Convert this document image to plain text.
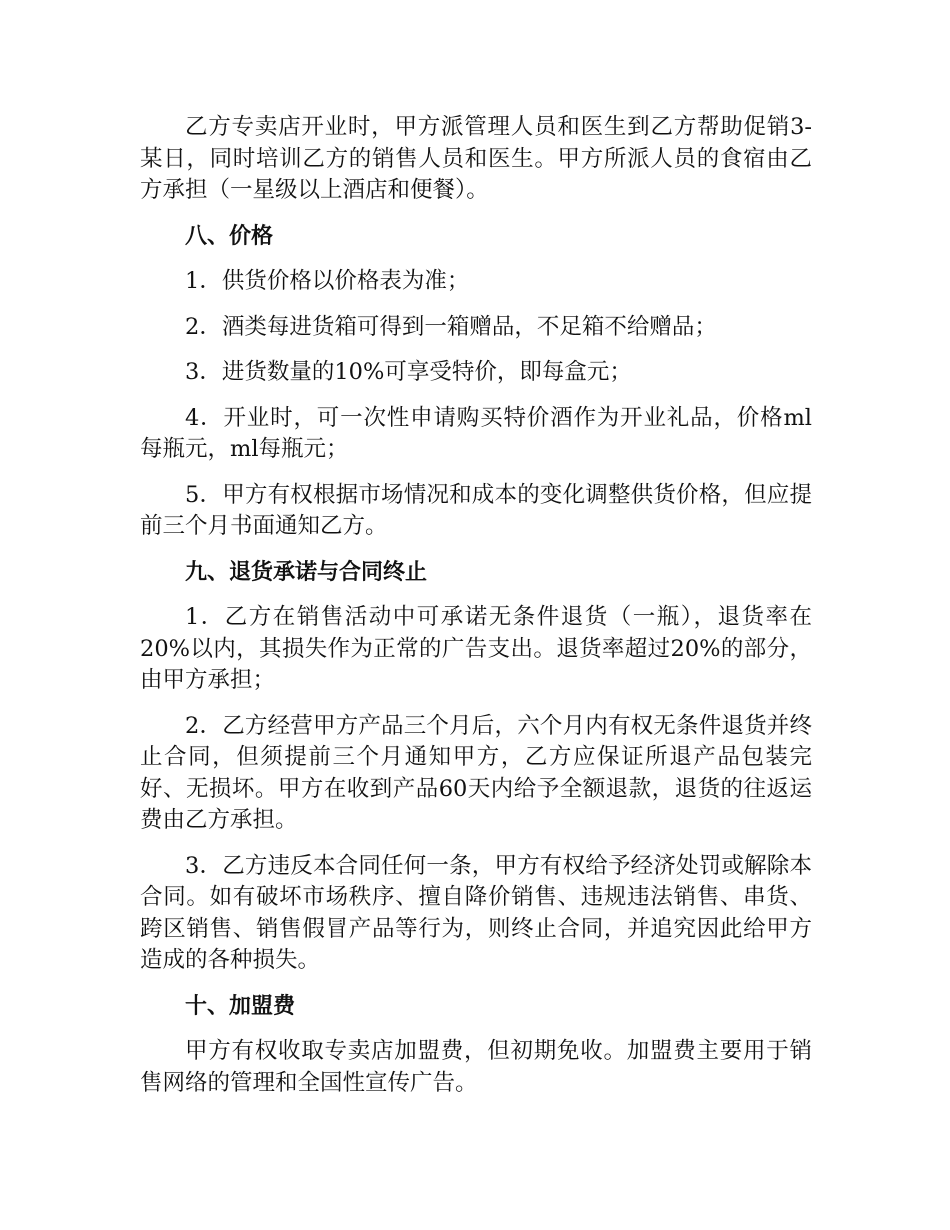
乙方专卖店开业时，甲方派管理人员和医生到乙方帮助促销3-某日，同时培训乙方的销售人员和医生。甲方所派人员的食宿由乙方承担（一星级以上酒店和便餐）。

八、价格

1．供货价格以价格表为准；

2．酒类每进货箱可得到一箱赠品，不足箱不给赠品；

3．进货数量的10%可享受特价，即每盒元；

4．开业时，可一次性申请购买特价酒作为开业礼品，价格ml每瓶元，ml每瓶元；

5．甲方有权根据市场情况和成本的变化调整供货价格，但应提前三个月书面通知乙方。

九、退货承诺与合同终止

1．乙方在销售活动中可承诺无条件退货（一瓶），退货率在20%以内，其损失作为正常的广告支出。退货率超过20%的部分，由甲方承担；

2．乙方经营甲方产品三个月后，六个月内有权无条件退货并终止合同，但须提前三个月通知甲方，乙方应保证所退产品包装完好、无损坏。甲方在收到产品60天内给予全额退款，退货的往返运费由乙方承担。

3．乙方违反本合同任何一条，甲方有权给予经济处罚或解除本合同。如有破坏市场秩序、擅自降价销售、违规违法销售、串货、跨区销售、销售假冒产品等行为，则终止合同，并追究因此给甲方造成的各种损失。

十、加盟费

甲方有权收取专卖店加盟费，但初期免收。加盟费主要用于销售网络的管理和全国性宣传广告。
